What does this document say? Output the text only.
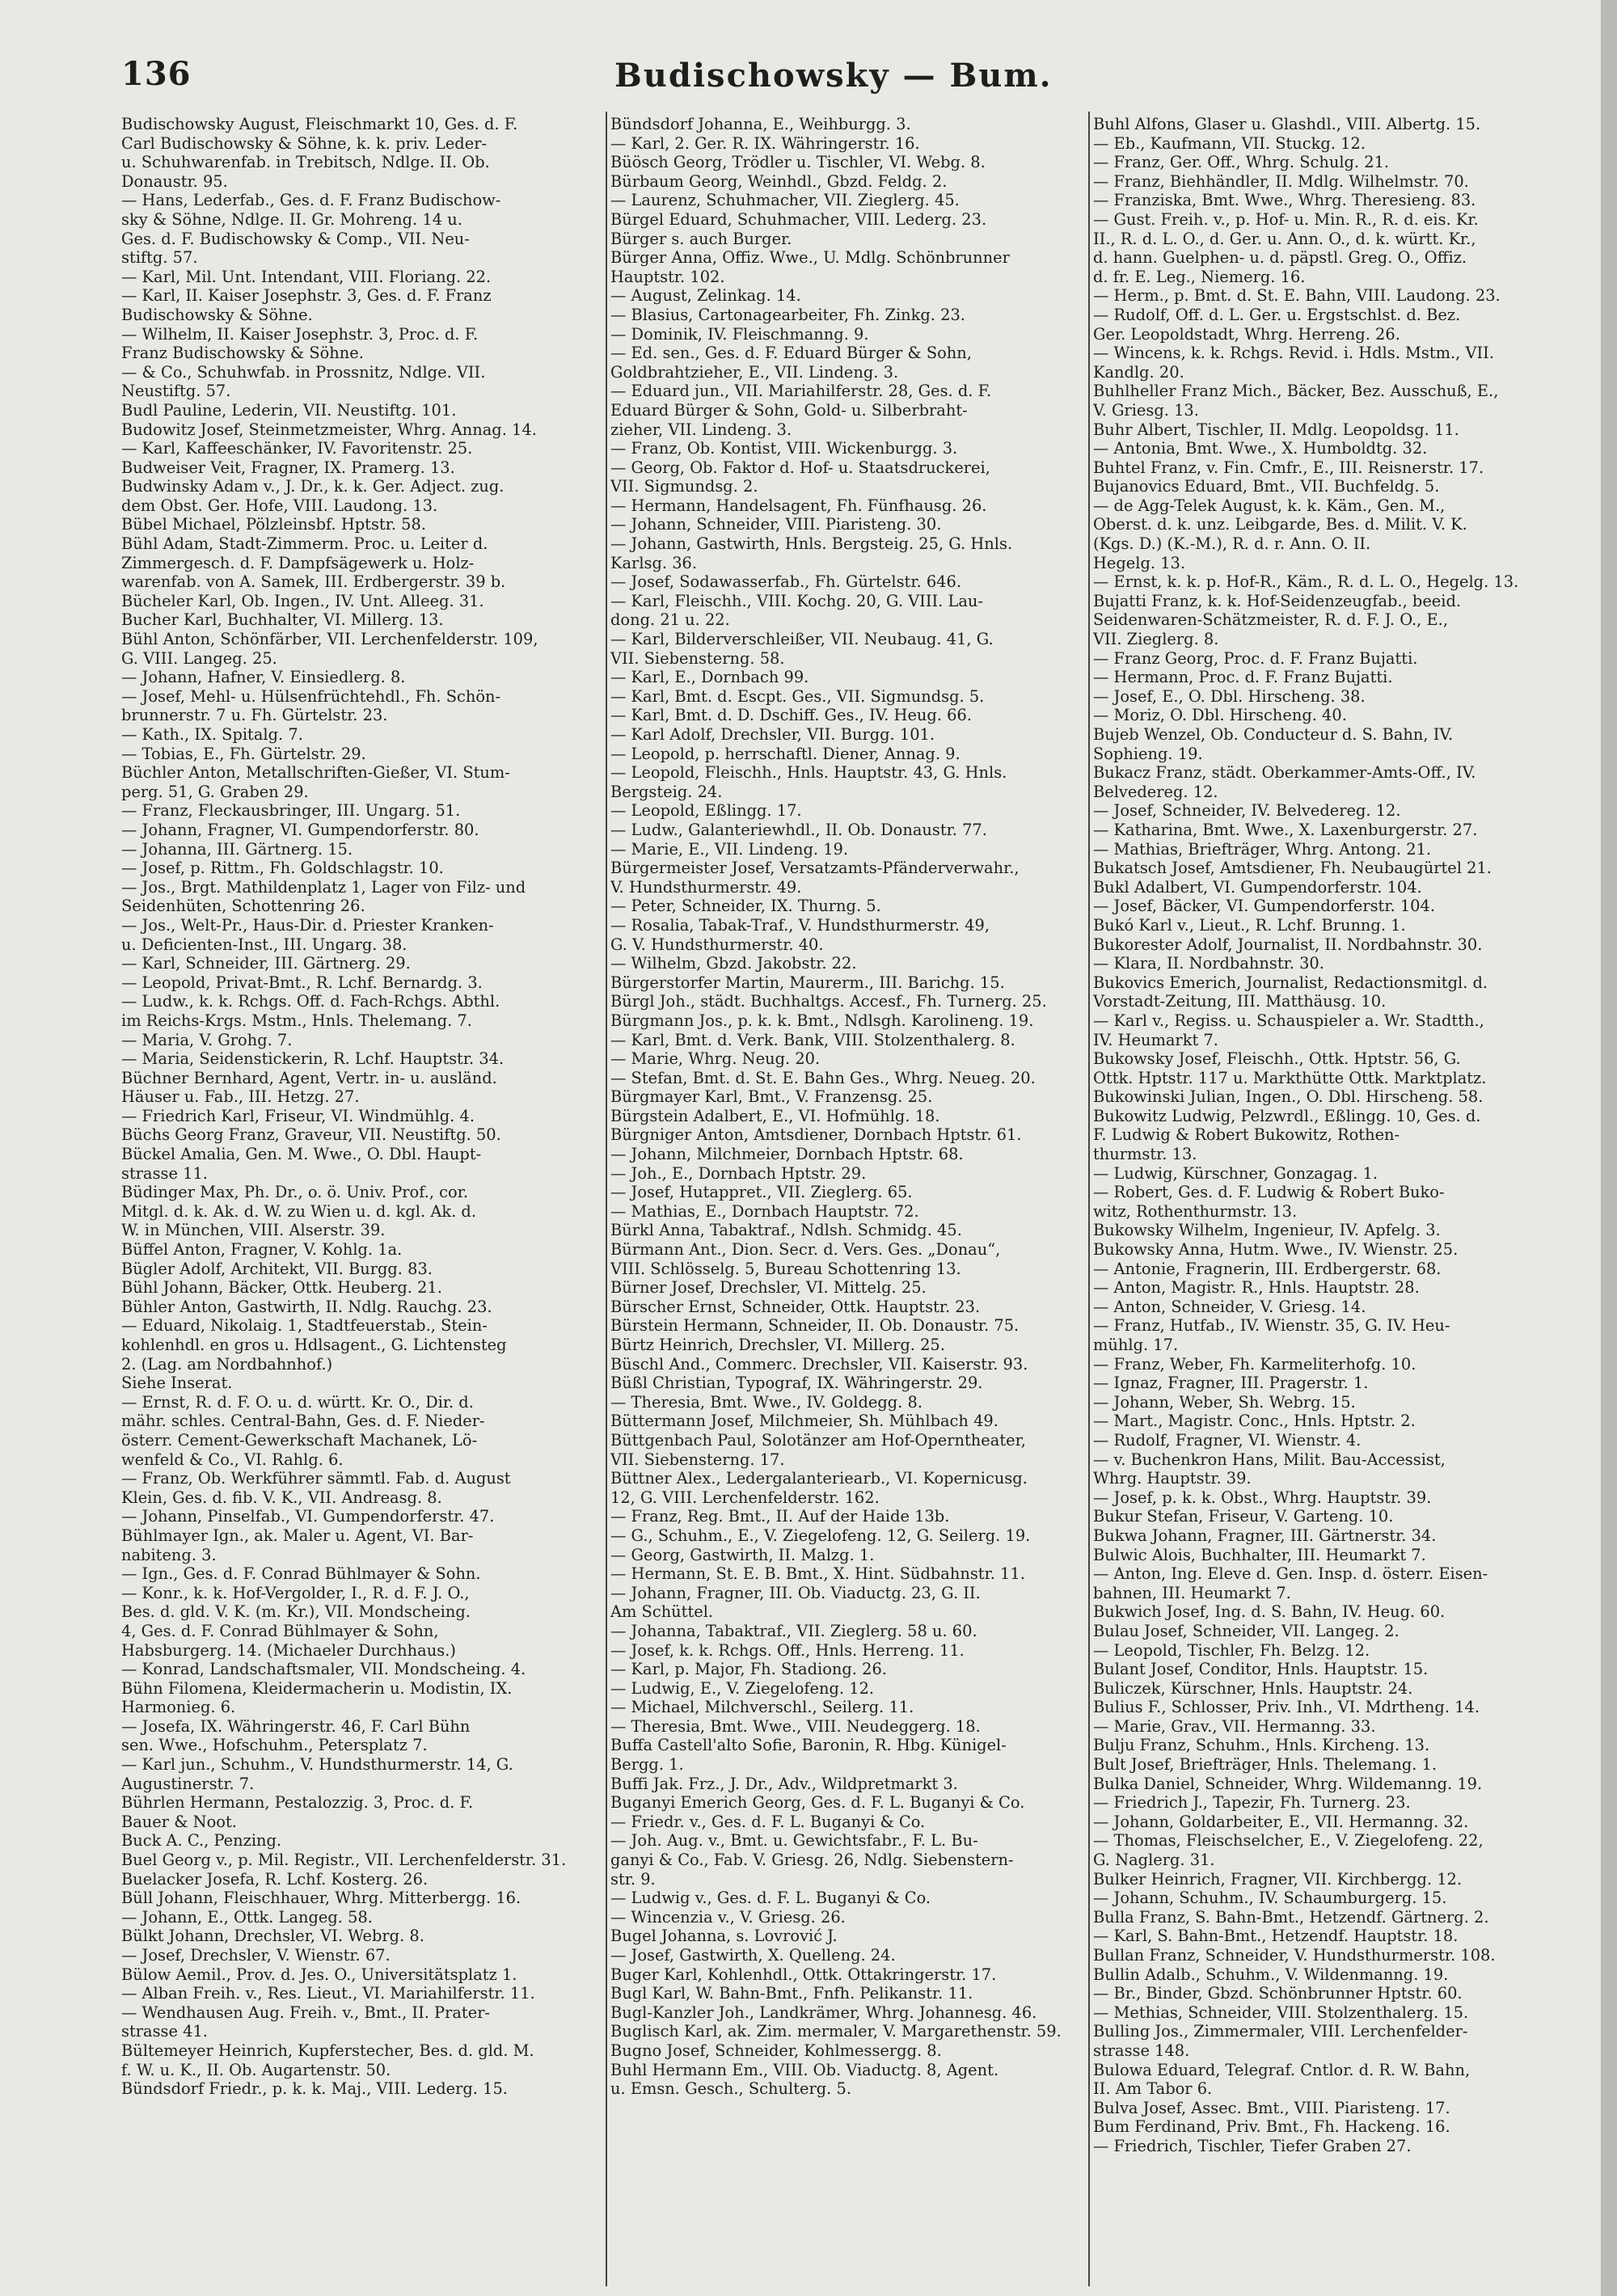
136	Budischowsky — Bum.

Budischowsky August, Fleischmarkt 10, Ges. d. F.

Carl Budischowsky & Söhne, k. k. priv. Leder-

u. Schuhwarenfab. in Trebitsch, Ndlge. II. Ob.

Donaustr. 95.

— Hans, Lederfab., Ges. d. F. Franz Budischow-

sky & Söhne, Ndlge. II. Gr. Mohreng. 14 u.

Ges. d. F. Budischowsky & Comp., VII. Neu-

stiftg. 57.

— Karl, Mil. Unt. Intendant, VIII. Floriang. 22.

— Karl, II. Kaiser Josephstr. 3, Ges. d. F. Franz

Budischowsky & Söhne.

— Wilhelm, II. Kaiser Josephstr. 3, Proc. d. F.

Franz Budischowsky & Söhne.

— & Co., Schuhwfab. in Prossnitz, Ndlge. VII.

Neustiftg. 57.

Budl Pauline, Lederin, VII. Neustiftg. 101.

Budowitz Josef, Steinmetzmeister, Whrg. Annag. 14.

— Karl, Kaffeeschänker, IV. Favoritenstr. 25.

Budweiser Veit, Fragner, IX. Pramerg. 13.

Budwinsky Adam v., J. Dr., k. k. Ger. Adject. zug.

dem Obst. Ger. Hofe, VIII. Laudong. 13.

Bübel Michael, Pölzleinsbf. Hptstr. 58.

Bühl Adam, Stadt-Zimmerm. Proc. u. Leiter d.

Zimmergesch. d. F. Dampfsägewerk u. Holz-

warenfab. von A. Samek, III. Erdbergerstr. 39 b.

Bücheler Karl, Ob. Ingen., IV. Unt. Alleeg. 31.

Bucher Karl, Buchhalter, VI. Millerg. 13.

Bühl Anton, Schönfärber, VII. Lerchenfelderstr. 109,

G. VIII. Langeg. 25.

— Johann, Hafner, V. Einsiedlerg. 8.

— Josef, Mehl- u. Hülsenfrüchtehdl., Fh. Schön-

brunnerstr. 7 u. Fh. Gürtelstr. 23.

— Kath., IX. Spitalg. 7.

— Tobias, E., Fh. Gürtelstr. 29.

Büchler Anton, Metallschriften-Gießer, VI. Stum-

perg. 51, G. Graben 29.

— Franz, Fleckausbringer, III. Ungarg. 51.

— Johann, Fragner, VI. Gumpendorferstr. 80.

— Johanna, III. Gärtnerg. 15.

— Josef, p. Rittm., Fh. Goldschlagstr. 10.

— Jos., Brgt. Mathildenplatz 1, Lager von Filz- und

Seidenhüten, Schottenring 26.

— Jos., Welt-Pr., Haus-Dir. d. Priester Kranken-

u. Deficienten-Inst., III. Ungarg. 38.

— Karl, Schneider, III. Gärtnerg. 29.

— Leopold, Privat-Bmt., R. Lchf. Bernardg. 3.

— Ludw., k. k. Rchgs. Off. d. Fach-Rchgs. Abthl.

im Reichs-Krgs. Mstm., Hnls. Thelemang. 7.

— Maria, V. Grohg. 7.

— Maria, Seidenstickerin, R. Lchf. Hauptstr. 34.

Büchner Bernhard, Agent, Vertr. in- u. ausländ.

Häuser u. Fab., III. Hetzg. 27.

— Friedrich Karl, Friseur, VI. Windmühlg. 4.

Büchs Georg Franz, Graveur, VII. Neustiftg. 50.

Bückel Amalia, Gen. M. Wwe., O. Dbl. Haupt-

strasse 11.

Büdinger Max, Ph. Dr., o. ö. Univ. Prof., cor.

Mitgl. d. k. Ak. d. W. zu Wien u. d. kgl. Ak. d.

W. in München, VIII. Alserstr. 39.

Büffel Anton, Fragner, V. Kohlg. 1a.

Bügler Adolf, Architekt, VII. Burgg. 83.

Bühl Johann, Bäcker, Ottk. Heuberg. 21.

Bühler Anton, Gastwirth, II. Ndlg. Rauchg. 23.

— Eduard, Nikolaig. 1, Stadtfeuerstab., Stein-

kohlenhdl. en gros u. Hdlsagent., G. Lichtensteg

2. (Lag. am Nordbahnhof.)

Siehe Inserat.

— Ernst, R. d. F. O. u. d. württ. Kr. O., Dir. d.

mähr. schles. Central-Bahn, Ges. d. F. Nieder-

österr. Cement-Gewerkschaft Machanek, Lö-

wenfeld & Co., VI. Rahlg. 6.

— Franz, Ob. Werkführer sämmtl. Fab. d. August

Klein, Ges. d. fib. V. K., VII. Andreasg. 8.

— Johann, Pinselfab., VI. Gumpendorferstr. 47.

Bühlmayer Ign., ak. Maler u. Agent, VI. Bar-

nabiteng. 3.

— Ign., Ges. d. F. Conrad Bühlmayer & Sohn.

— Konr., k. k. Hof-Vergolder, I., R. d. F. J. O.,

Bes. d. gld. V. K. (m. Kr.), VII. Mondscheing.

4, Ges. d. F. Conrad Bühlmayer & Sohn,

Habsburgerg. 14. (Michaeler Durchhaus.)

— Konrad, Landschaftsmaler, VII. Mondscheing. 4.

Bühn Filomena, Kleidermacherin u. Modistin, IX.

Harmonieg. 6.

— Josefa, IX. Währingerstr. 46, F. Carl Bühn

sen. Wwe., Hofschuhm., Petersplatz 7.

— Karl jun., Schuhm., V. Hundsthurmerstr. 14, G.

Augustinerstr. 7.

Bührlen Hermann, Pestalozzig. 3, Proc. d. F.

Bauer & Noot.

Buck A. C., Penzing.

Buel Georg v., p. Mil. Registr., VII. Lerchenfelderstr. 31.

Buelacker Josefa, R. Lchf. Kosterg. 26.

Büll Johann, Fleischhauer, Whrg. Mitterbergg. 16.

— Johann, E., Ottk. Langeg. 58.

Bülkt Johann, Drechsler, VI. Webrg. 8.

— Josef, Drechsler, V. Wienstr. 67.

Bülow Aemil., Prov. d. Jes. O., Universitätsplatz 1.

— Alban Freih. v., Res. Lieut., VI. Mariahilferstr. 11.

— Wendhausen Aug. Freih. v., Bmt., II. Prater-

strasse 41.

Bültemeyer Heinrich, Kupferstecher, Bes. d. gld. M.

f. W. u. K., II. Ob. Augartenstr. 50.

Bündsdorf Friedr., p. k. k. Maj., VIII. Lederg. 15.

Bündsdorf Johanna, E., Weihburgg. 3.

— Karl, 2. Ger. R. IX. Währingerstr. 16.

Büösch Georg, Trödler u. Tischler, VI. Webg. 8.

Bürbaum Georg, Weinhdl., Gbzd. Feldg. 2.

— Laurenz, Schuhmacher, VII. Zieglerg. 45.

Bürgel Eduard, Schuhmacher, VIII. Lederg. 23.

Bürger s. auch Burger.

Bürger Anna, Offiz. Wwe., U. Mdlg. Schönbrunner

Hauptstr. 102.

— August, Zelinkag. 14.

— Blasius, Cartonagearbeiter, Fh. Zinkg. 23.

— Dominik, IV. Fleischmanng. 9.

— Ed. sen., Ges. d. F. Eduard Bürger & Sohn,

Goldbrahtzieher, E., VII. Lindeng. 3.

— Eduard jun., VII. Mariahilferstr. 28, Ges. d. F.

Eduard Bürger & Sohn, Gold- u. Silberbraht-

zieher, VII. Lindeng. 3.

— Franz, Ob. Kontist, VIII. Wickenburgg. 3.

— Georg, Ob. Faktor d. Hof- u. Staatsdruckerei,

VII. Sigmundsg. 2.

— Hermann, Handelsagent, Fh. Fünfhausg. 26.

— Johann, Schneider, VIII. Piaristeng. 30.

— Johann, Gastwirth, Hnls. Bergsteig. 25, G. Hnls.

Karlsg. 36.

— Josef, Sodawasserfab., Fh. Gürtelstr. 646.

— Karl, Fleischh., VIII. Kochg. 20, G. VIII. Lau-

dong. 21 u. 22.

— Karl, Bilderverschleißer, VII. Neubaug. 41, G.

VII. Siebensterng. 58.

— Karl, E., Dornbach 99.

— Karl, Bmt. d. Escpt. Ges., VII. Sigmundsg. 5.

— Karl, Bmt. d. D. Dschiff. Ges., IV. Heug. 66.

— Karl Adolf, Drechsler, VII. Burgg. 101.

— Leopold, p. herrschaftl. Diener, Annag. 9.

— Leopold, Fleischh., Hnls. Hauptstr. 43, G. Hnls.

Bergsteig. 24.

— Leopold, Eßlingg. 17.

— Ludw., Galanteriewhdl., II. Ob. Donaustr. 77.

— Marie, E., VII. Lindeng. 19.

Bürgermeister Josef, Versatzamts-Pfänderverwahr.,

V. Hundsthurmerstr. 49.

— Peter, Schneider, IX. Thurng. 5.

— Rosalia, Tabak-Traf., V. Hundsthurmerstr. 49,

G. V. Hundsthurmerstr. 40.

— Wilhelm, Gbzd. Jakobstr. 22.

Bürgerstorfer Martin, Maurerm., III. Barichg. 15.

Bürgl Joh., städt. Buchhaltgs. Accesf., Fh. Turnerg. 25.

Bürgmann Jos., p. k. k. Bmt., Ndlsgh. Karolineng. 19.

— Karl, Bmt. d. Verk. Bank, VIII. Stolzenthalerg. 8.

— Marie, Whrg. Neug. 20.

— Stefan, Bmt. d. St. E. Bahn Ges., Whrg. Neueg. 20.

Bürgmayer Karl, Bmt., V. Franzensg. 25.

Bürgstein Adalbert, E., VI. Hofmühlg. 18.

Bürgniger Anton, Amtsdiener, Dornbach Hptstr. 61.

— Johann, Milchmeier, Dornbach Hptstr. 68.

— Joh., E., Dornbach Hptstr. 29.

— Josef, Hutappret., VII. Zieglerg. 65.

— Mathias, E., Dornbach Hauptstr. 72.

Bürkl Anna, Tabaktraf., Ndlsh. Schmidg. 45.

Bürmann Ant., Dion. Secr. d. Vers. Ges. „Donau“,

VIII. Schlösselg. 5, Bureau Schottenring 13.

Bürner Josef, Drechsler, VI. Mittelg. 25.

Bürscher Ernst, Schneider, Ottk. Hauptstr. 23.

Bürstein Hermann, Schneider, II. Ob. Donaustr. 75.

Bürtz Heinrich, Drechsler, VI. Millerg. 25.

Büschl And., Commerc. Drechsler, VII. Kaiserstr. 93.

Büßl Christian, Typograf, IX. Währingerstr. 29.

— Theresia, Bmt. Wwe., IV. Goldegg. 8.

Büttermann Josef, Milchmeier, Sh. Mühlbach 49.

Büttgenbach Paul, Solotänzer am Hof-Operntheater,

VII. Siebensterng. 17.

Büttner Alex., Ledergalanteriearb., VI. Kopernicusg.

12, G. VIII. Lerchenfelderstr. 162.

— Franz, Reg. Bmt., II. Auf der Haide 13b.

— G., Schuhm., E., V. Ziegelofeng. 12, G. Seilerg. 19.

— Georg, Gastwirth, II. Malzg. 1.

— Hermann, St. E. B. Bmt., X. Hint. Südbahnstr. 11.

— Johann, Fragner, III. Ob. Viaductg. 23, G. II.

Am Schüttel.

— Johanna, Tabaktraf., VII. Zieglerg. 58 u. 60.

— Josef, k. k. Rchgs. Off., Hnls. Herreng. 11.

— Karl, p. Major, Fh. Stadiong. 26.

— Ludwig, E., V. Ziegelofeng. 12.

— Michael, Milchverschl., Seilerg. 11.

— Theresia, Bmt. Wwe., VIII. Neudeggerg. 18.

Buffa Castell'alto Sofie, Baronin, R. Hbg. Künigel-

Bergg. 1.

Buffi Jak. Frz., J. Dr., Adv., Wildpretmarkt 3.

Buganyi Emerich Georg, Ges. d. F. L. Buganyi & Co.

— Friedr. v., Ges. d. F. L. Buganyi & Co.

— Joh. Aug. v., Bmt. u. Gewichtsfabr., F. L. Bu-

ganyi & Co., Fab. V. Griesg. 26, Ndlg. Siebenstern-

str. 9.

— Ludwig v., Ges. d. F. L. Buganyi & Co.

— Wincenzia v., V. Griesg. 26.

Bugel Johanna, s. Lovrović J.

— Josef, Gastwirth, X. Quelleng. 24.

Buger Karl, Kohlenhdl., Ottk. Ottakringerstr. 17.

Bugl Karl, W. Bahn-Bmt., Fnfh. Pelikanstr. 11.

Bugl-Kanzler Joh., Landkrämer, Whrg. Johannesg. 46.

Buglisch Karl, ak. Zim. mermaler, V. Margarethenstr. 59.

Bugno Josef, Schneider, Kohlmessergg. 8.

Buhl Hermann Em., VIII. Ob. Viaductg. 8, Agent.

u. Emsn. Gesch., Schulterg. 5.

Buhl Alfons, Glaser u. Glashdl., VIII. Albertg. 15.

— Eb., Kaufmann, VII. Stuckg. 12.

— Franz, Ger. Off., Whrg. Schulg. 21.

— Franz, Biehhändler, II. Mdlg. Wilhelmstr. 70.

— Franziska, Bmt. Wwe., Whrg. Theresieng. 83.

— Gust. Freih. v., p. Hof- u. Min. R., R. d. eis. Kr.

II., R. d. L. O., d. Ger. u. Ann. O., d. k. württ. Kr.,

d. hann. Guelphen- u. d. päpstl. Greg. O., Offiz.

d. fr. E. Leg., Niemerg. 16.

— Herm., p. Bmt. d. St. E. Bahn, VIII. Laudong. 23.

— Rudolf, Off. d. L. Ger. u. Ergstschlst. d. Bez.

Ger. Leopoldstadt, Whrg. Herreng. 26.

— Wincens, k. k. Rchgs. Revid. i. Hdls. Mstm., VII.

Kandlg. 20.

Buhlheller Franz Mich., Bäcker, Bez. Ausschuß, E.,

V. Griesg. 13.

Buhr Albert, Tischler, II. Mdlg. Leopoldsg. 11.

— Antonia, Bmt. Wwe., X. Humboldtg. 32.

Buhtel Franz, v. Fin. Cmfr., E., III. Reisnerstr. 17.

Bujanovics Eduard, Bmt., VII. Buchfeldg. 5.

— de Agg-Telek August, k. k. Käm., Gen. M.,

Oberst. d. k. unz. Leibgarde, Bes. d. Milit. V. K.

(Kgs. D.) (K.-M.), R. d. r. Ann. O. II.

Hegelg. 13.

— Ernst, k. k. p. Hof-R., Käm., R. d. L. O., Hegelg. 13.

Bujatti Franz, k. k. Hof-Seidenzeugfab., beeid.

Seidenwaren-Schätzmeister, R. d. F. J. O., E.,

VII. Zieglerg. 8.

— Franz Georg, Proc. d. F. Franz Bujatti.

— Hermann, Proc. d. F. Franz Bujatti.

— Josef, E., O. Dbl. Hirscheng. 38.

— Moriz, O. Dbl. Hirscheng. 40.

Bujeb Wenzel, Ob. Conducteur d. S. Bahn, IV.

Sophieng. 19.

Bukacz Franz, städt. Oberkammer-Amts-Off., IV.

Belvedereg. 12.

— Josef, Schneider, IV. Belvedereg. 12.

— Katharina, Bmt. Wwe., X. Laxenburgerstr. 27.

— Mathias, Briefträger, Whrg. Antong. 21.

Bukatsch Josef, Amtsdiener, Fh. Neubaugürtel 21.

Bukl Adalbert, VI. Gumpendorferstr. 104.

— Josef, Bäcker, VI. Gumpendorferstr. 104.

Bukó Karl v., Lieut., R. Lchf. Brunng. 1.

Bukorester Adolf, Journalist, II. Nordbahnstr. 30.

— Klara, II. Nordbahnstr. 30.

Bukovics Emerich, Journalist, Redactionsmitgl. d.

Vorstadt-Zeitung, III. Matthäusg. 10.

— Karl v., Regiss. u. Schauspieler a. Wr. Stadtth.,

IV. Heumarkt 7.

Bukowsky Josef, Fleischh., Ottk. Hptstr. 56, G.

Ottk. Hptstr. 117 u. Markthütte Ottk. Marktplatz.

Bukowinski Julian, Ingen., O. Dbl. Hirscheng. 58.

Bukowitz Ludwig, Pelzwrdl., Eßlingg. 10, Ges. d.

F. Ludwig & Robert Bukowitz, Rothen-

thurmstr. 13.

— Ludwig, Kürschner, Gonzagag. 1.

— Robert, Ges. d. F. Ludwig & Robert Buko-

witz, Rothenthurmstr. 13.

Bukowsky Wilhelm, Ingenieur, IV. Apfelg. 3.

Bukowsky Anna, Hutm. Wwe., IV. Wienstr. 25.

— Antonie, Fragnerin, III. Erdbergerstr. 68.

— Anton, Magistr. R., Hnls. Hauptstr. 28.

— Anton, Schneider, V. Griesg. 14.

— Franz, Hutfab., IV. Wienstr. 35, G. IV. Heu-

mühlg. 17.

— Franz, Weber, Fh. Karmeliterhofg. 10.

— Ignaz, Fragner, III. Pragerstr. 1.

— Johann, Weber, Sh. Webrg. 15.

— Mart., Magistr. Conc., Hnls. Hptstr. 2.

— Rudolf, Fragner, VI. Wienstr. 4.

— v. Buchenkron Hans, Milit. Bau-Accessist,

Whrg. Hauptstr. 39.

— Josef, p. k. k. Obst., Whrg. Hauptstr. 39.

Bukur Stefan, Friseur, V. Garteng. 10.

Bukwa Johann, Fragner, III. Gärtnerstr. 34.

Bulwic Alois, Buchhalter, III. Heumarkt 7.

— Anton, Ing. Eleve d. Gen. Insp. d. österr. Eisen-

bahnen, III. Heumarkt 7.

Bukwich Josef, Ing. d. S. Bahn, IV. Heug. 60.

Bulau Josef, Schneider, VII. Langeg. 2.

— Leopold, Tischler, Fh. Belzg. 12.

Bulant Josef, Conditor, Hnls. Hauptstr. 15.

Buliczek, Kürschner, Hnls. Hauptstr. 24.

Bulius F., Schlosser, Priv. Inh., VI. Mdrtheng. 14.

— Marie, Grav., VII. Hermanng. 33.

Bulju Franz, Schuhm., Hnls. Kircheng. 13.

Bult Josef, Briefträger, Hnls. Thelemang. 1.

Bulka Daniel, Schneider, Whrg. Wildemanng. 19.

— Friedrich J., Tapezir, Fh. Turnerg. 23.

— Johann, Goldarbeiter, E., VII. Hermanng. 32.

— Thomas, Fleischselcher, E., V. Ziegelofeng. 22,

G. Naglerg. 31.

Bulker Heinrich, Fragner, VII. Kirchbergg. 12.

— Johann, Schuhm., IV. Schaumburgerg. 15.

Bulla Franz, S. Bahn-Bmt., Hetzendf. Gärtnerg. 2.

— Karl, S. Bahn-Bmt., Hetzendf. Hauptstr. 18.

Bullan Franz, Schneider, V. Hundsthurmerstr. 108.

Bullin Adalb., Schuhm., V. Wildenmanng. 19.

— Br., Binder, Gbzd. Schönbrunner Hptstr. 60.

— Methias, Schneider, VIII. Stolzenthalerg. 15.

Bulling Jos., Zimmermaler, VIII. Lerchenfelder-

strasse 148.

Bulowa Eduard, Telegraf. Cntlor. d. R. W. Bahn,

II. Am Tabor 6.

Bulva Josef, Assec. Bmt., VIII. Piaristeng. 17.

Bum Ferdinand, Priv. Bmt., Fh. Hackeng. 16.

— Friedrich, Tischler, Tiefer Graben 27.
